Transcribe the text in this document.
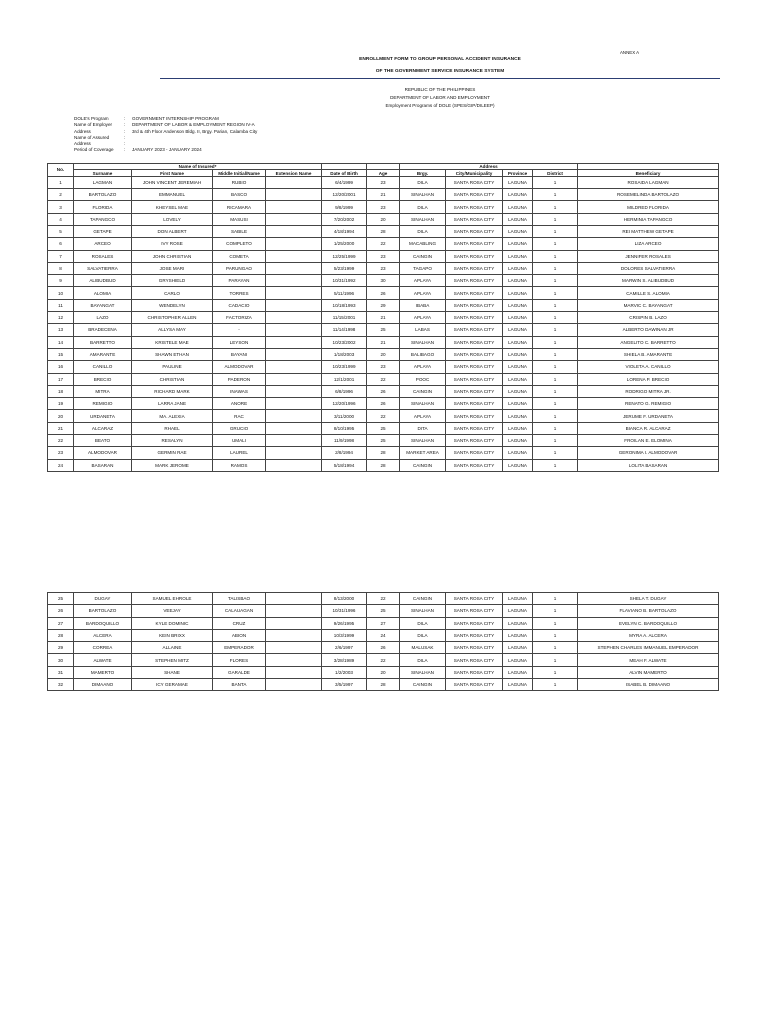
ANNEX A
ENROLLMENT FORM TO GROUP PERSONAL ACCIDENT INSURANCE
OF THE GOVERNMENT SERVICE INSURANCE SYSTEM
REPUBLIC OF THE PHILIPPINES
DEPARTMENT OF LABOR AND EMPLOYMENT
Employment Programs of DOLE (SPES/GIP/DILEEP)
DOLE's Program	:	GOVERNMENT INTERNSHIP PROGRAM
Name of Employer	:	DEPARTMENT OF LABOR & EMPLOYMENT REGION IV-A
Address	:	3rd & 4th Floor Andenson Bldg. II, Brgy. Parian, Calamba City
Name of Assured	:
Address	:
Period of Coverage	:	JANUARY 2023 - JANUARY 2024
No.	Name of Insured*						Address				
	Surname	First Name	Middle Initial/Name	Extension Name	Date of Birth	Age	Brgy.	City/Municipality	Province	District	Beneficiary
1	LAGMAN	JOHN VINCENT JEREMIAH	RUBIO		6/4/1999	23	DILA	SANTA ROSA CITY	LAGUNA	1	ROSAIDA LAGMAN
2	BARTOLAZO	EMMANUEL	BASCO		12/20/2001	21	SINALHAN	SANTA ROSA CITY	LAGUNA	1	ROSEMELINDA BARTOLAZO
3	FLORIDA	KHEYSEL MAE	RICAMARA		9/8/1999	23	DILA	SANTA ROSA CITY	LAGUNA	1	MILDRED FLORIDA
4	TAPANGCO	LOVELY	MASUSI		7/20/2002	20	SINALHAN	SANTA ROSA CITY	LAGUNA	1	HERMINIA TAPANGCO
5	GETAPE	DON ALBERT	SABILE		4/18/1994	28	DILA	SANTA ROSA CITY	LAGUNA	1	REI MATTHEW GETAPE
6	ARCEO	IVY ROSE	COMPLETO		1/25/2000	22	MACABLING	SANTA ROSA CITY	LAGUNA	1	LIZA ARCEO
7	ROSALES	JOHN CHRISTIAN	COMETA		12/25/1999	23	CAINGIN	SANTA ROSA CITY	LAGUNA	1	JENNIFER ROSALES
8	SALVATIERRA	JOSE MARI	PARUNGAO		5/23/1999	23	TAGAPO	SANTA ROSA CITY	LAGUNA	1	DOLORES SALVATIERRA
9	ALIBUDBUD	GRYSHIELD	PARAYAN		10/31/1992	30	APLAYA	SANTA ROSA CITY	LAGUNA	1	MARWIN S. ALIBUDBUD
10	ALOMIA	CARLO	TORRES		5/11/1996	26	APLAYA	SANTA ROSA CITY	LAGUNA	1	CAMILLE S. ALOMIA
11	BAYANGAT	WENDELYN	CADACIO		10/18/1993	29	IBABA	SANTA ROSA CITY	LAGUNA	1	MARVIC C. BAYANGAT
12	LAZO	CHRISTOPHER ALLEN	FACTORIZA		11/15/2001	21	APLAYA	SANTA ROSA CITY	LAGUNA	1	CRISPIN B. LAZO
13	BRADECENA	ALLYSA MAY	-		11/14/1998	25	LABAS	SANTA ROSA CITY	LAGUNA	1	ALBERTO DAWINAN JR
14	BARRETTO	KRISTELE MAE	LEYSON		10/23/2002	21	SINALHAN	SANTA ROSA CITY	LAGUNA	1	ANGELITO C. BARRETTO
15	AMARANTE	SHAWN ETHAN	BAYANI		1/18/2003	20	BALIBAGO	SANTA ROSA CITY	LAGUNA	1	SHIELA B. AMARANTE
16	CANILLO	PAULINE	ALMODOVAR		10/23/1999	23	APLAYA	SANTA ROSA CITY	LAGUNA	1	VIOLETA A. CANILLO
17	BRECIO	CHRISTIAN	PADERON		12/1/2001	22	POOC	SANTA ROSA CITY	LAGUNA	1	LORENA P. BRECIO
18	MITRA	RICHARD MARK	INAWAS		6/8/1996	26	CAINGIN	SANTA ROSA CITY	LAGUNA	1	RODRIGO MITRA JR.
19	REMIGIO	LARRA JANE	ANORE		12/20/1996	26	SINALHAN	SANTA ROSA CITY	LAGUNA	1	RENATO G. REMIGIO
20	URDANETA	MA. ALEXIA	RAC		3/11/2000	22	APLAYA	SANTA ROSA CITY	LAGUNA	1	JERUME F. URDANETA
21	ALCARAZ	RHAEL	GRUCIO		8/10/1995	25	DITA	SANTA ROSA CITY	LAGUNA	1	BIANCA R. ALCARAZ
22	BEATO	RESALYN	UMALI		11/9/1998	25	SINALHAN	SANTA ROSA CITY	LAGUNA	1	FROILAN E. ELOMINA
23	ALMODOVAR	GERMIN RAE	LAUREL		2/8/1994	28	MARKET AREA	SANTA ROSA CITY	LAGUNA	1	GERONIMA I. ALMODOVAR
24	BASARAN	MARK JEROME	RAMOS		5/18/1994	28	CAINGIN	SANTA ROSA CITY	LAGUNA	1	LOLITA BASARAN
25	DUGAY	SAMUEL EHROLE	TALISBAO		8/13/2000	22	CAINGIN	SANTA ROSA CITY	LAGUNA	1	SHELA T. DUGAY
26	BARTOLAZO	VEEJAY	CALAUAGAN		10/31/1996	25	SINALHAN	SANTA ROSA CITY	LAGUNA	1	FLAVIANO B. BARTOLAZO
27	BARDOQUILLO	KYLE DOMINIC	CRUZ		9/26/1995	27	DILA	SANTA ROSA CITY	LAGUNA	1	EVELYN C. BARDOQUILLO
28	ALCERA	KEIN BRIXX	ABION		10/3/1999	24	DILA	SANTA ROSA CITY	LAGUNA	1	MYRA A. ALCERA
29	CORREA	ALLAINE	EMPERADOR		2/6/1997	26	MALUSAK	SANTA ROSA CITY	LAGUNA	1	STEPHEN CHARLES IMMANUEL EMPERADOR
30	ALWATE	STEPHEN MITZ	FLORES		3/28/1989	22	DILA	SANTA ROSA CITY	LAGUNA	1	MEAH F. ALWATE
31	MAMERTO	SHANE	GARALDE		1/2/2003	20	SINALHAN	SANTA ROSA CITY	LAGUNA	1	ALVIN MAMERTO
32	DIMAANO	ICY GERAMAE	BANTA		3/5/1997	28	CAINGIN	SANTA ROSA CITY	LAGUNA	1	ISABEL B. DIMAANO
